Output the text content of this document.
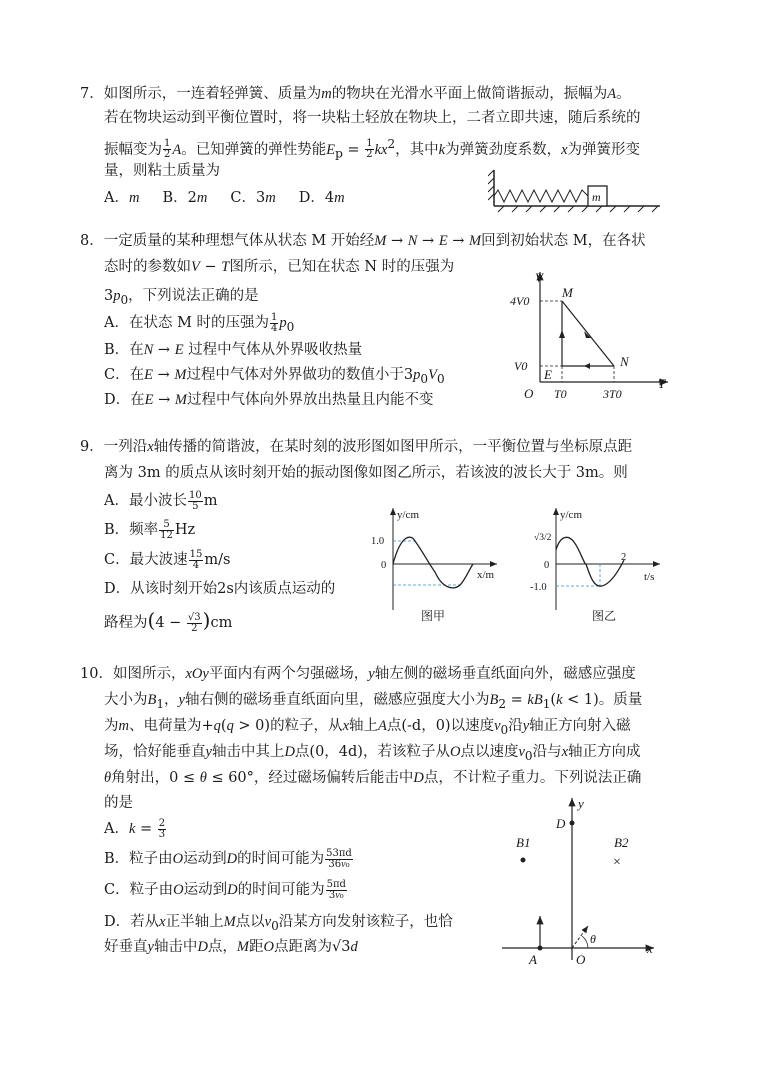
7．如图所示，一连着轻弹簧、质量为m的物块在光滑水平面上做简谐振动，振幅为A。
若在物块运动到平衡位置时，将一块粘土轻放在物块上，二者立即共速，随后系统的
振幅变为 $\frac{1}{2}$ A。已知弹簧的弹性势能$E_p = \frac{1}{2} kx^2$，其中k为弹簧劲度系数，x为弹簧形变
量，则粘土质量为
A．m     B．2m     C．3m     D．4m	m
8．一定质量的某种理想气体从状态 M 开始经M → N → E → M回到初始状态 M，在各状
态时的参数如V − T图所示，已知在状态 N 时的压强为
$3p_0$，下列说法正确的是
A．在状态 M 时的压强为 $\frac{1}{4} p_0$
B．在N → E 过程中气体从外界吸收热量
C．在E → M过程中气体对外界做功的数值小于$3p_0V_0$
D．在E → M过程中气体向外界放出热量且内能不变
V
T
O
4V0
V0
T0	3T0
M
N
E
9．一列沿x轴传播的简谐波，在某时刻的波形图如图甲所示，一平衡位置与坐标原点距
离为 3m 的质点从该时刻开始的振动图像如图乙所示，若该波的波长大于 3m。则
A．最小波长 $\frac{10}{5}$ m
B．频率 $\frac{5}{12}$ Hz
C．最大波速 $\frac{15}{4} m/s$
D．从该时刻开始2s内该质点运动的
路程为$(4 - \frac{√3}{2} )cm$
y/cm
x/m
1.0
0
图甲
y/cm
t/s
√3/2
0
-1.0
2
图乙
10．如图所示，xOy平面内有两个匀强磁场，y轴左侧的磁场垂直纸面向外，磁感应强度
大小为$B_1$，y轴右侧的磁场垂直纸面向里，磁感应强度大小为$B_2 = kB_1(k < 1)$。质量
为m、电荷量为+q(q > 0)的粒子，从x轴上A点(-d，0)以速度$v_0$沿y轴正方向射入磁
场，恰好能垂直y轴击中其上D点(0，4d)，若该粒子从O点以速度$v_0$沿与x轴正方向成
θ角射出，0 ≤ θ ≤ 60°，经过磁场偏转后能击中D点，不计粒子重力。下列说法正确
的是
A．$k = \frac{2}{3}$
B．粒子由O运动到D的时间可能为 $\frac{53\pi d}{\text{36v₀}}$
C．粒子由O运动到D的时间可能为 $\frac{5\pi d}{\text{3v₀}}$
D．若从x正半轴上M点以$v_0$沿某方向发射该粒子，也恰
好垂直y轴击中D点，M距O点距离为√3d
y
x
D
B1	B2
×
A	O
θ
